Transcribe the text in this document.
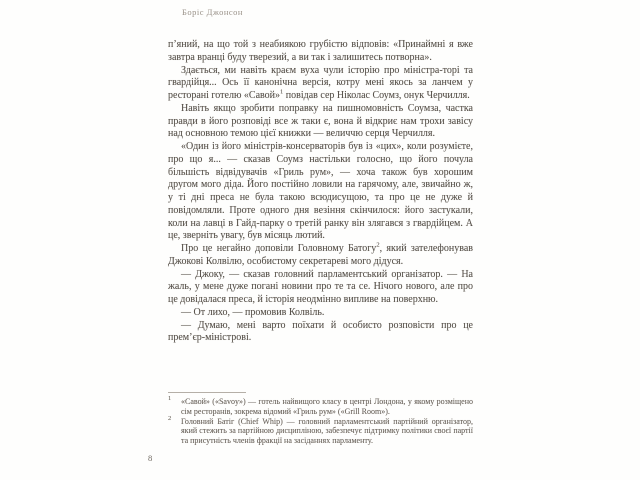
Боріс Джонсон

п’яний, на що той з неабиякою грубістю відповів: «Принаймні я вже завтра вранці буду тверезий, а ви так і залишитесь потворна».

Здається, ми навіть краєм вуха чули історію про міністра-торі та гвардійця... Ось її канонічна версія, котру мені якось за ланчем у ресторані готелю «Савой»$^1$ повідав сер Ніколас Соумз, онук Черчилля.

Навіть якщо зробити поправку на пишномовність Соумза, частка правди в його розповіді все ж таки є, вона й відкриє нам трохи завісу над основною темою цієї книжки — величчю серця Черчилля.

«Один із його міністрів-консерваторів був із «цих», коли розумієте, про що я... — сказав Соумз настільки голосно, що його почула більшість відвідувачів «Гриль рум», — хоча також був хорошим другом мого діда. Його постійно ловили на гарячому, але, звичайно ж, у ті дні преса не була такою всюдисущою, та про це не дуже й повідомляли. Проте одного дня везіння скінчилося: його застукали, коли на лавці в Гайд-парку о третій ранку він злягався з гвардійцем. А це, зверніть увагу, був місяць лютий.

Про це негайно доповіли Головному Батогу$^2$, який зателефонував Джокові Колвілю, особистому секретареві мого дідуся.

— Джоку, — сказав головний парламентський організатор. — На жаль, у мене дуже погані новини про те та се. Нічого нового, але про це довідалася преса, й історія неодмінно випливе на поверхню.

— От лихо, — промовив Колвіль.

— Думаю, мені варто поїхати й особисто розповісти про це прем’єр-міністрові.

1	«Савой» («Savoy») — готель найвищого класу в центрі Лондона, у якому розміщено сім ресторанів, зокрема відомий «Гриль рум» («Grill Room»).
2	Головний Батіг (Chief Whip) — головний парламентський партійний організатор, який стежить за партійною дисципліною, забезпечує підтримку політики своєї партії та присутність членів фракції на засіданнях парламенту.
8
